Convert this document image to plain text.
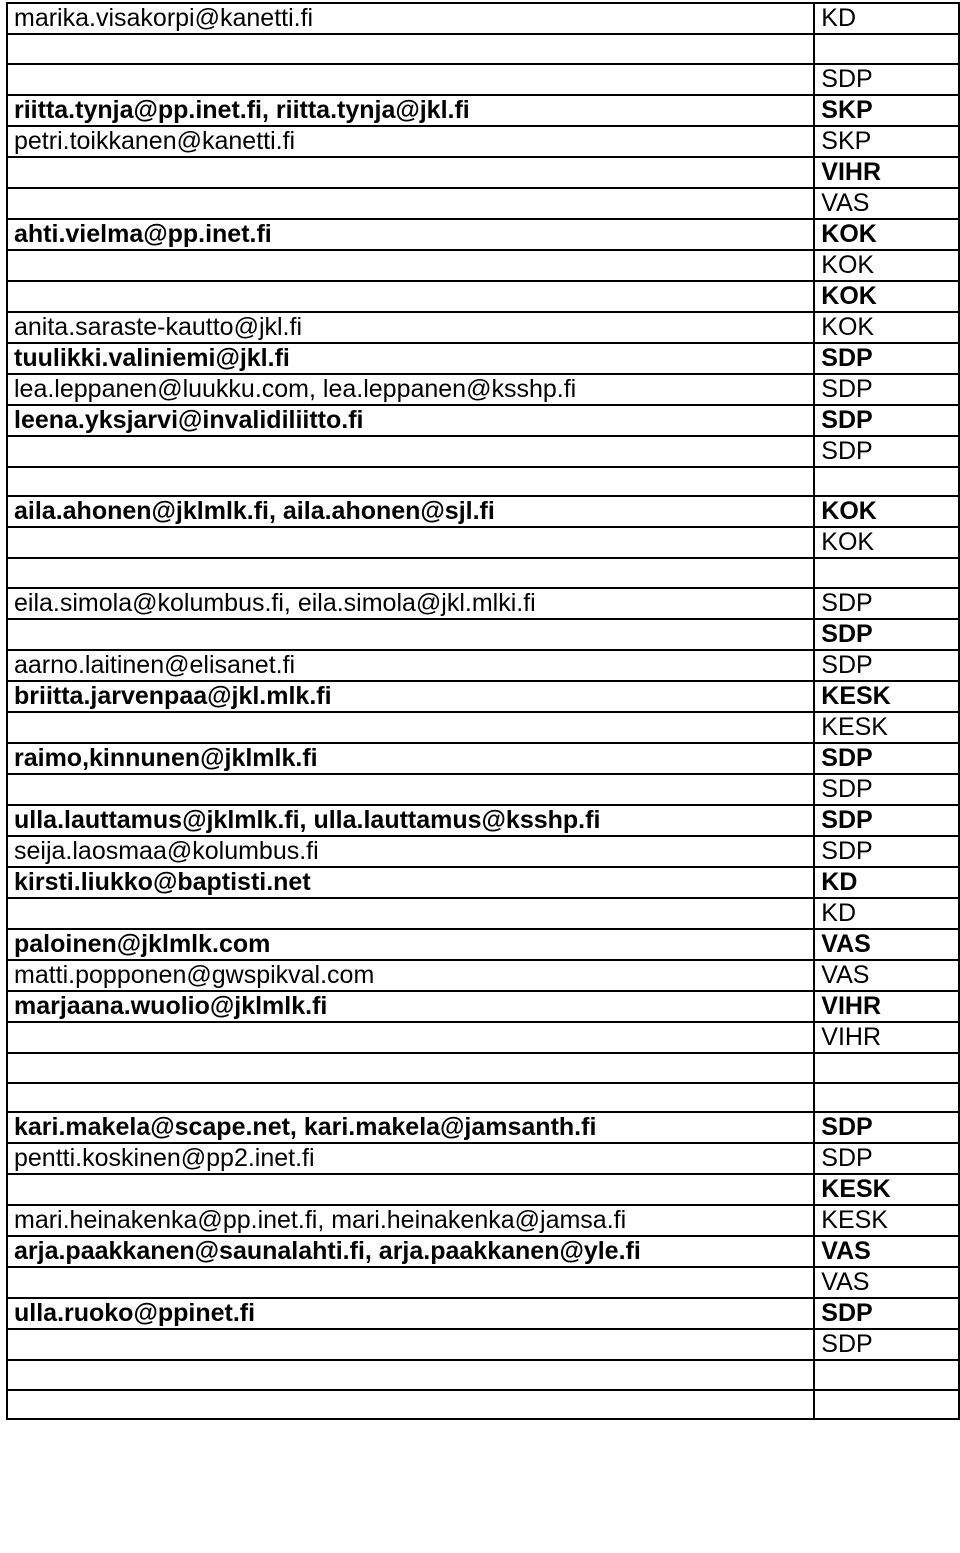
marika.visakorpi@kanetti.fi	KD

	SDP
riitta.tynja@pp.inet.fi, riitta.tynja@jkl.fi	SKP
petri.toikkanen@kanetti.fi	SKP
	VIHR
	VAS
ahti.vielma@pp.inet.fi	KOK
	KOK
	KOK
anita.saraste-kautto@jkl.fi	KOK
tuulikki.valiniemi@jkl.fi	SDP
lea.leppanen@luukku.com, lea.leppanen@ksshp.fi	SDP
leena.yksjarvi@invalidiliitto.fi	SDP
	SDP

aila.ahonen@jklmlk.fi, aila.ahonen@sjl.fi	KOK
	KOK

eila.simola@kolumbus.fi, eila.simola@jkl.mlki.fi	SDP
	SDP
aarno.laitinen@elisanet.fi	SDP
briitta.jarvenpaa@jkl.mlk.fi	KESK
	KESK
raimo,kinnunen@jklmlk.fi	SDP
	SDP
ulla.lauttamus@jklmlk.fi, ulla.lauttamus@ksshp.fi	SDP
seija.laosmaa@kolumbus.fi	SDP
kirsti.liukko@baptisti.net	KD
	KD
paloinen@jklmlk.com	VAS
matti.popponen@gwspikval.com	VAS
marjaana.wuolio@jklmlk.fi	VIHR
	VIHR

kari.makela@scape.net, kari.makela@jamsanth.fi	SDP
pentti.koskinen@pp2.inet.fi	SDP
	KESK
mari.heinakenka@pp.inet.fi, mari.heinakenka@jamsa.fi	KESK
arja.paakkanen@saunalahti.fi, arja.paakkanen@yle.fi	VAS
	VAS
ulla.ruoko@ppinet.fi	SDP
	SDP
